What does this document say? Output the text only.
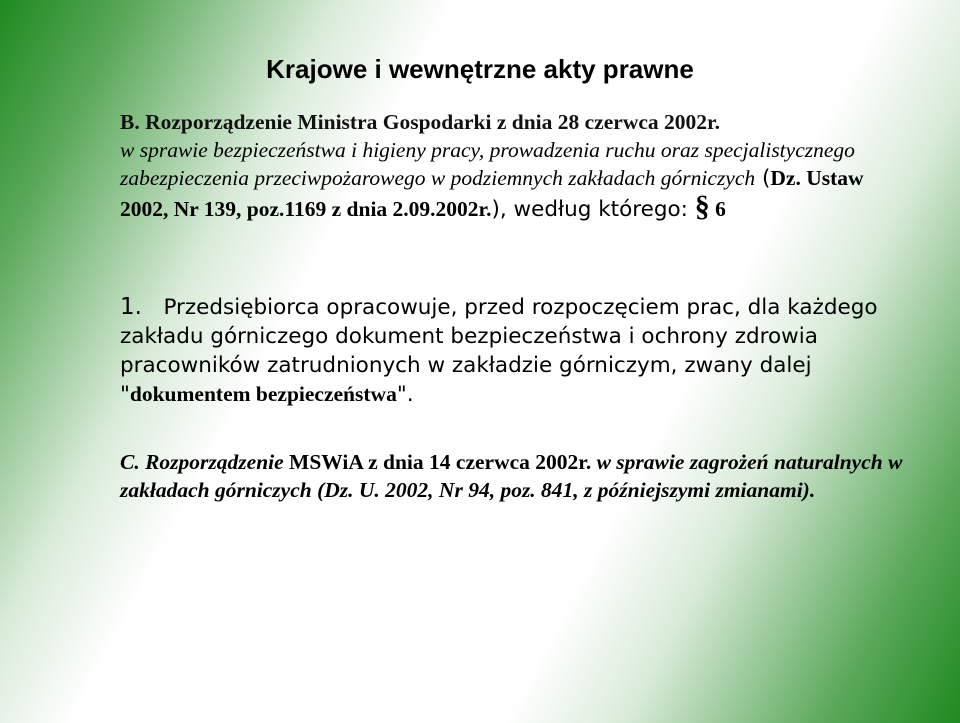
Krajowe i wewnętrzne akty prawne
B. Rozporządzenie Ministra Gospodarki z dnia 28 czerwca 2002r.
w sprawie bezpieczeństwa i higieny pracy, prowadzenia ruchu oraz specjalistycznego zabezpieczenia przeciwpożarowego w podziemnych zakładach górniczych (Dz. Ustaw 2002, Nr 139, poz.1169 z dnia 2.09.2002r.), według którego: § 6
1. Przedsiębiorca opracowuje, przed rozpoczęciem prac, dla każdego zakładu górniczego dokument bezpieczeństwa i ochrony zdrowia pracowników zatrudnionych w zakładzie górniczym, zwany dalej "dokumentem bezpieczeństwa".
C. Rozporządzenie MSWiA z dnia 14 czerwca 2002r. w sprawie zagrożeń naturalnych w zakładach górniczych (Dz. U. 2002, Nr 94, poz. 841, z późniejszymi zmianami).
